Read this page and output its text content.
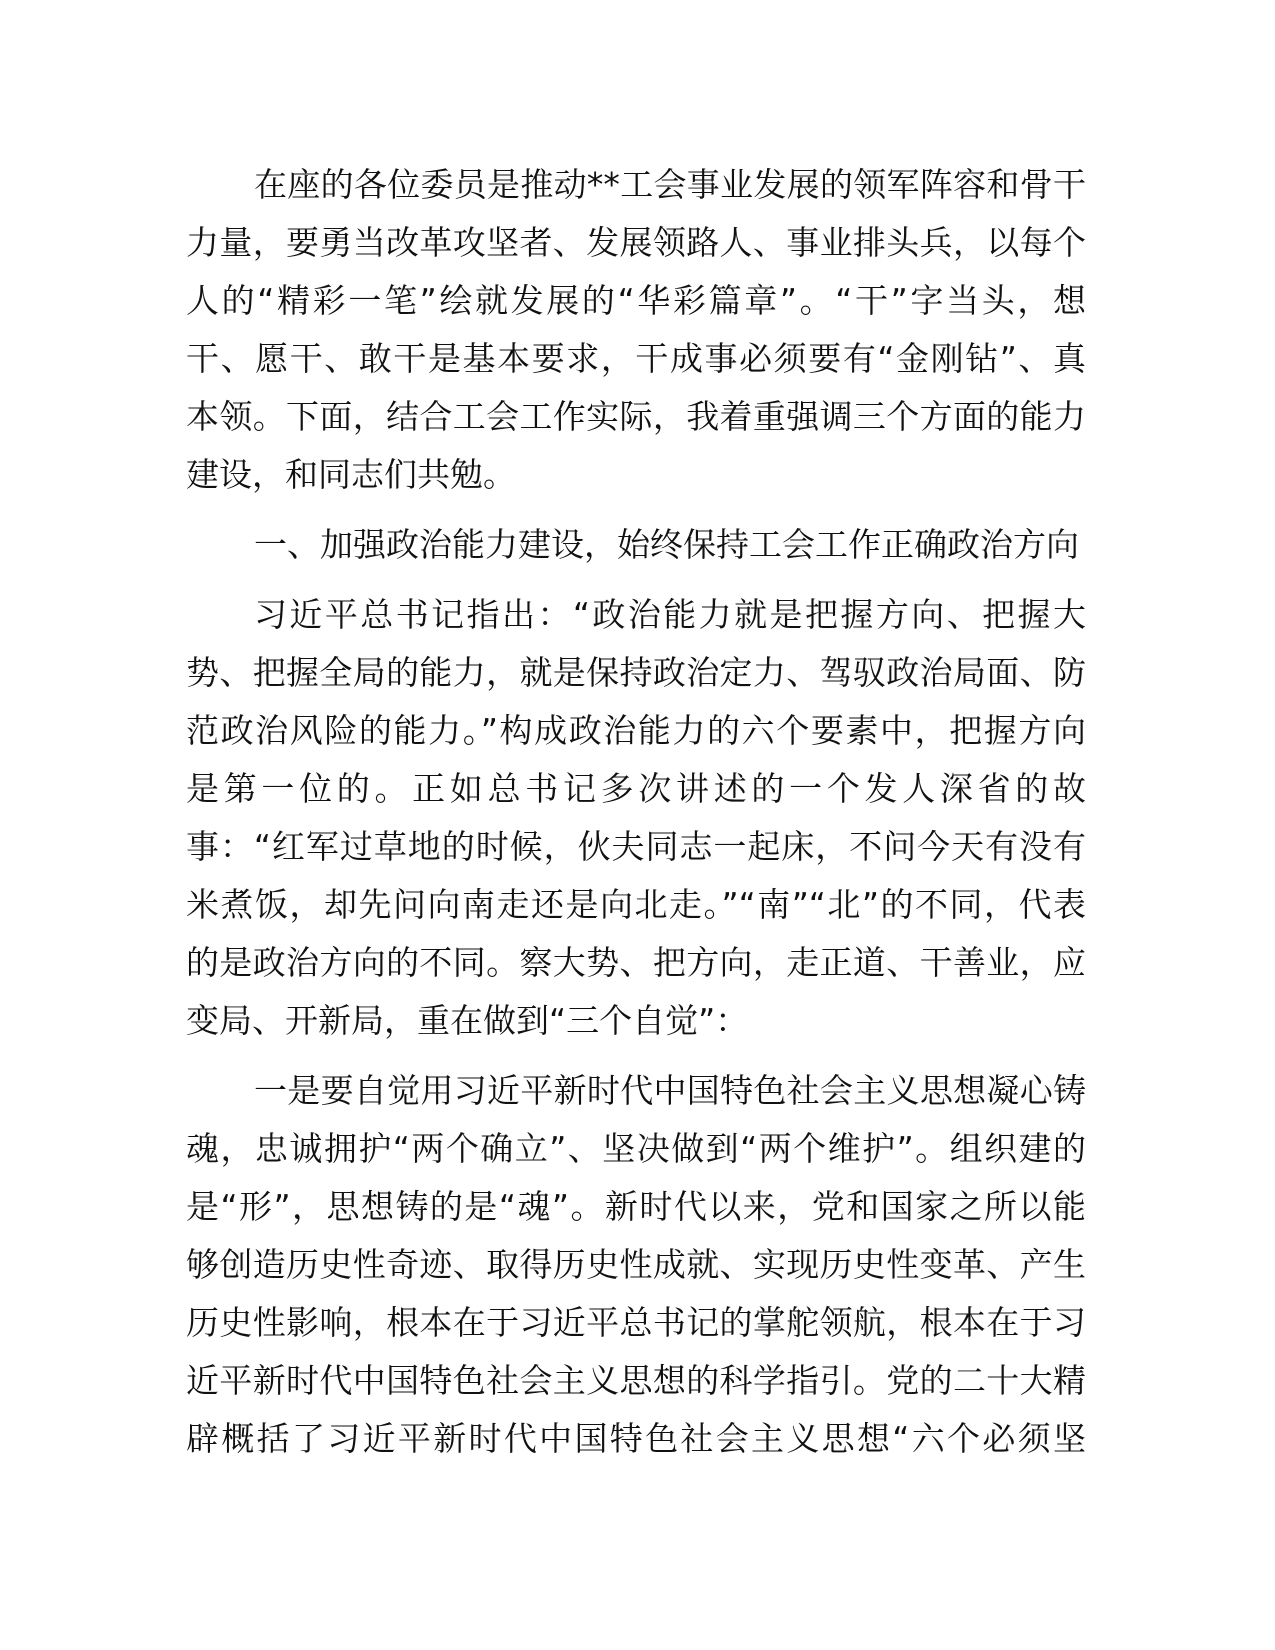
在座的各位委员是推动**工会事业发展的领军阵容和骨干
力量，要勇当改革攻坚者、发展领路人、事业排头兵，以每个
人的“精彩一笔”绘就发展的“华彩篇章”。“干”字当头，想
干、愿干、敢干是基本要求，干成事必须要有“金刚钻”、真
本领。下面，结合工会工作实际，我着重强调三个方面的能力
建设，和同志们共勉。
一、加强政治能力建设，始终保持工会工作正确政治方向
习近平总书记指出：“政治能力就是把握方向、把握大
势、把握全局的能力，就是保持政治定力、驾驭政治局面、防
范政治风险的能力。”构成政治能力的六个要素中，把握方向
是第一位的。正如总书记多次讲述的一个发人深省的故
事：“红军过草地的时候，伙夫同志一起床，不问今天有没有
米煮饭，却先问向南走还是向北走。”“南”“北”的不同，代表
的是政治方向的不同。察大势、把方向，走正道、干善业，应
变局、开新局，重在做到“三个自觉”：
一是要自觉用习近平新时代中国特色社会主义思想凝心铸
魂，忠诚拥护“两个确立”、坚决做到“两个维护”。组织建的
是“形”，思想铸的是“魂”。新时代以来，党和国家之所以能
够创造历史性奇迹、取得历史性成就、实现历史性变革、产生
历史性影响，根本在于习近平总书记的掌舵领航，根本在于习
近平新时代中国特色社会主义思想的科学指引。党的二十大精
辟概括了习近平新时代中国特色社会主义思想“六个必须坚
